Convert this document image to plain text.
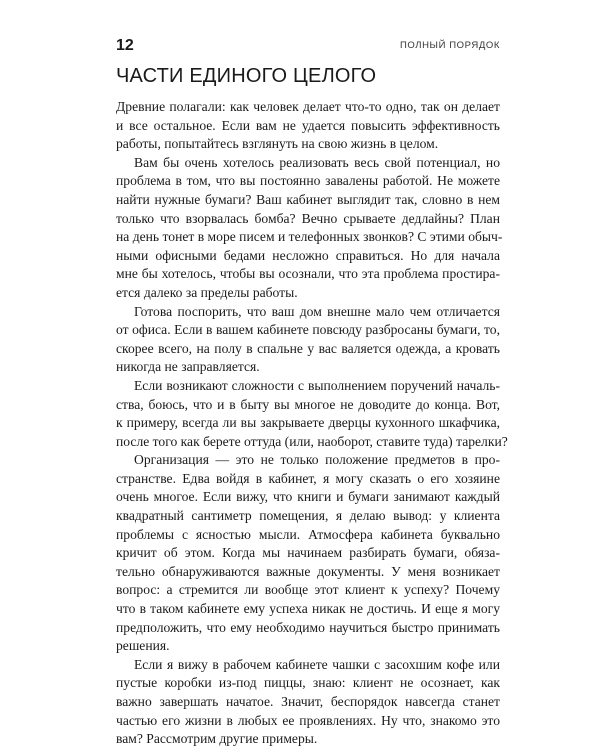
12	ПОЛНЫЙ ПОРЯДОК
ЧАСТИ ЕДИНОГО ЦЕЛОГО
Древние полагали: как человек делает что-то одно, так он делает
и все остальное. Если вам не удается повысить эффективность
работы, попытайтесь взглянуть на свою жизнь в целом.
Вам бы очень хотелось реализовать весь свой потенциал, но
проблема в том, что вы постоянно завалены работой. Не можете
найти нужные бумаги? Ваш кабинет выглядит так, словно в нем
только что взорвалась бомба? Вечно срываете дедлайны? План
на день тонет в море писем и телефонных звонков? С этими обыч-
ными офисными бедами несложно справиться. Но для начала
мне бы хотелось, чтобы вы осознали, что эта проблема простира-
ется далеко за пределы работы.
Готова поспорить, что ваш дом внешне мало чем отличается
от офиса. Если в вашем кабинете повсюду разбросаны бумаги, то,
скорее всего, на полу в спальне у вас валяется одежда, а кровать
никогда не заправляется.
Если возникают сложности с выполнением поручений началь-
ства, боюсь, что и в быту вы многое не доводите до конца. Вот,
к примеру, всегда ли вы закрываете дверцы кухонного шкафчика,
после того как берете оттуда (или, наоборот, ставите туда) тарелки?
Организация — это не только положение предметов в про-
странстве. Едва войдя в кабинет, я могу сказать о его хозяине
очень многое. Если вижу, что книги и бумаги занимают каждый
квадратный сантиметр помещения, я делаю вывод: у клиента
проблемы с ясностью мысли. Атмосфера кабинета буквально
кричит об этом. Когда мы начинаем разбирать бумаги, обяза-
тельно обнаруживаются важные документы. У меня возникает
вопрос: а стремится ли вообще этот клиент к успеху? Почему
что в таком кабинете ему успеха никак не достичь. И еще я могу
предположить, что ему необходимо научиться быстро принимать
решения.
Если я вижу в рабочем кабинете чашки с засохшим кофе или
пустые коробки из-под пиццы, знаю: клиент не осознает, как
важно завершать начатое. Значит, беспорядок навсегда станет
частью его жизни в любых ее проявлениях. Ну что, знакомо это
вам? Рассмотрим другие примеры.
